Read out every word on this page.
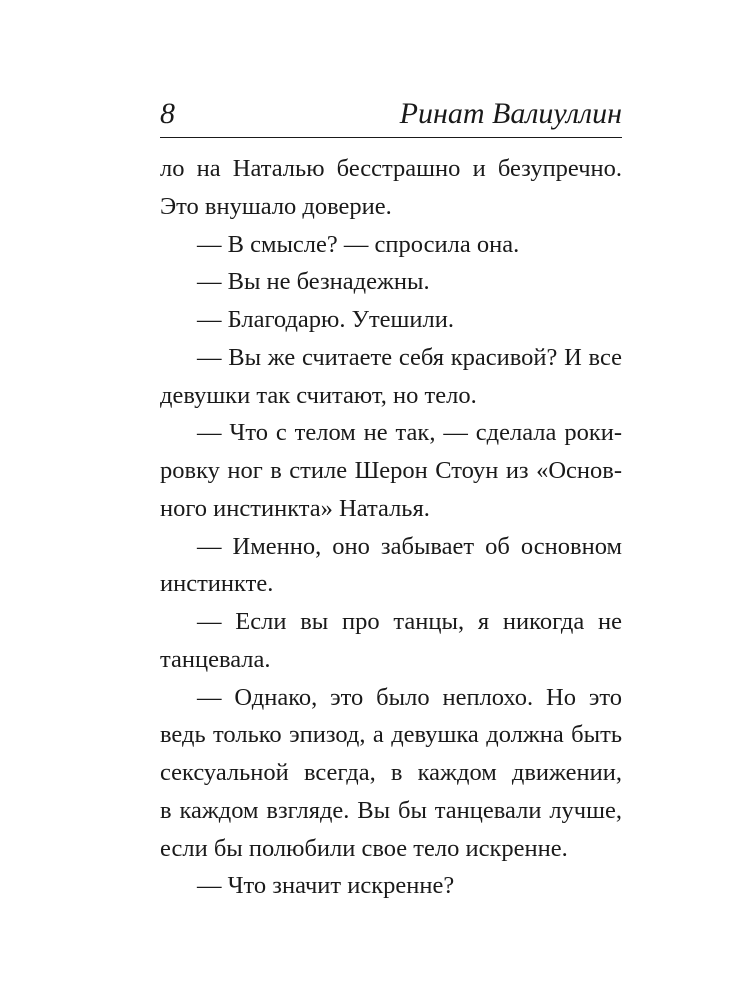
8	Ринат Валиуллин
ло на Наталью бесстрашно и безупречно.
Это внушало доверие.
— В смысле? — спросила она.
— Вы не безнадежны.
— Благодарю. Утешили.
— Вы же считаете себя красивой? И все
девушки так считают, но тело.
— Что с телом не так, — сделала роки-
ровку ног в стиле Шерон Стоун из «Основ-
ного инстинкта» Наталья.
— Именно, оно забывает об основном
инстинкте.
— Если вы про танцы, я никогда не
танцевала.
— Однако, это было неплохо. Но это
ведь только эпизод, а девушка должна быть
сексуальной всегда, в каждом движении,
в каждом взгляде. Вы бы танцевали лучше,
если бы полюбили свое тело искренне.
— Что значит искренне?
